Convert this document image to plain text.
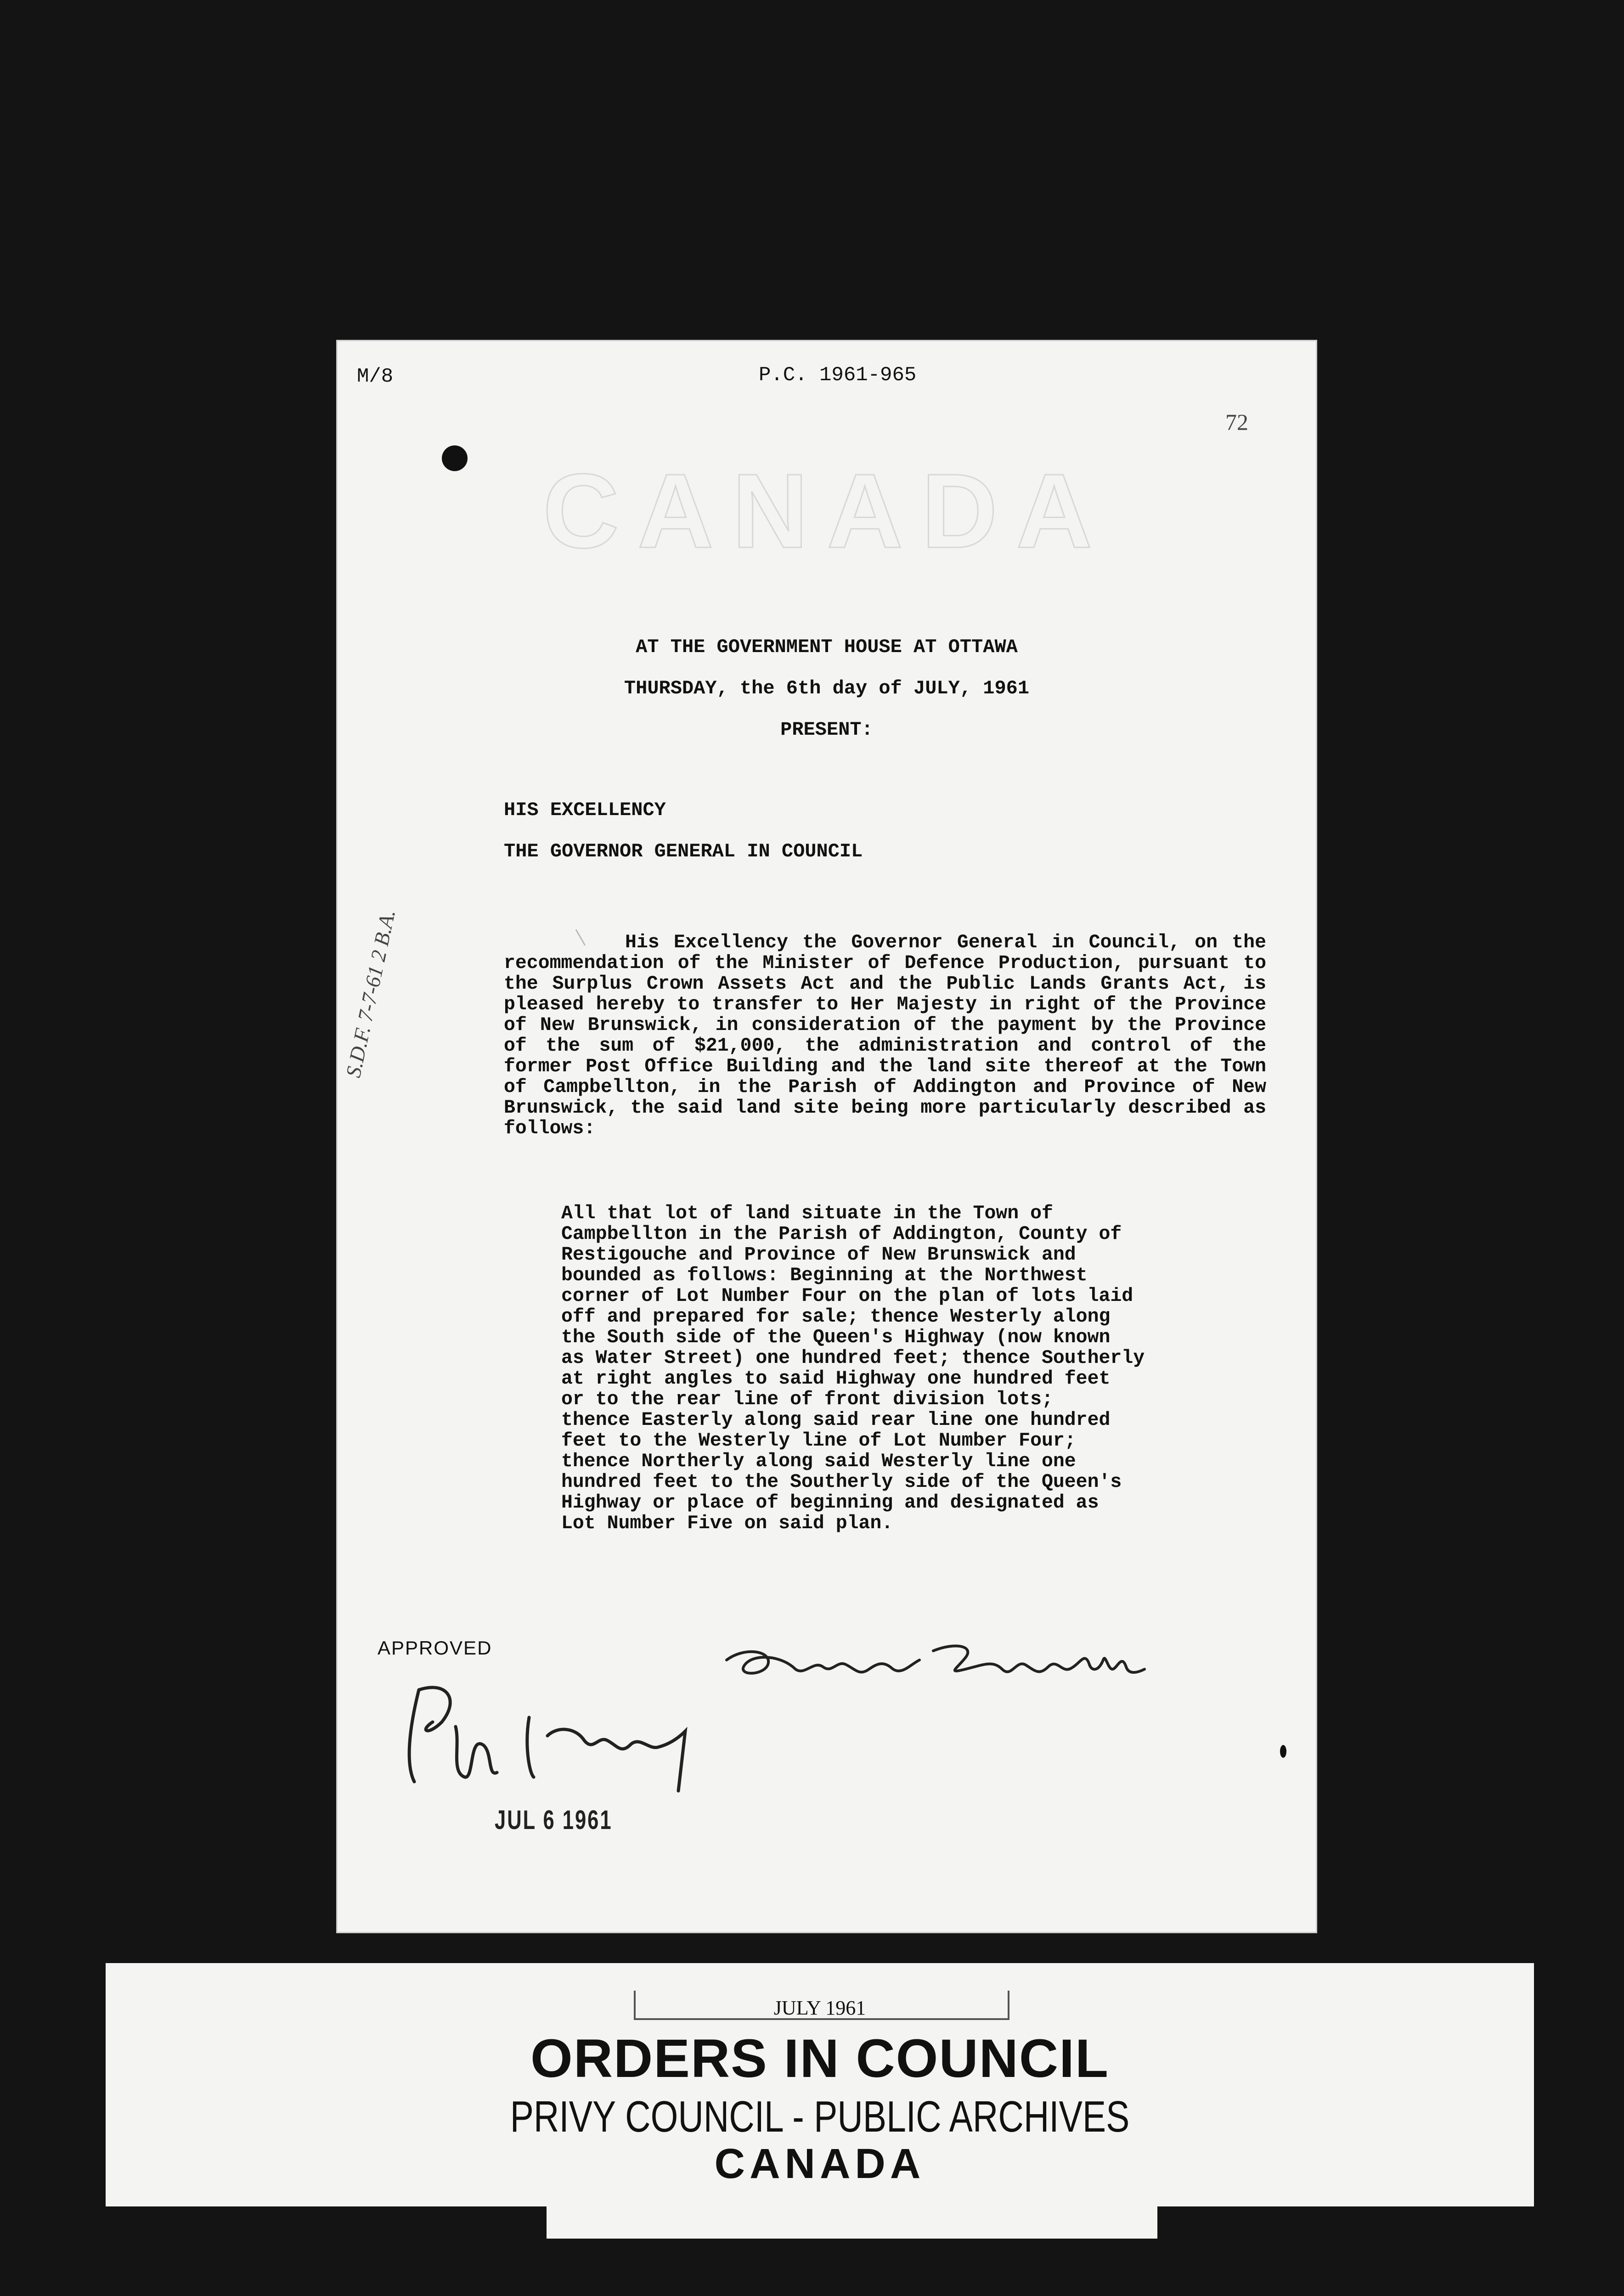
M/8	P.C. 1961-965
72
CANADA
AT THE GOVERNMENT HOUSE AT OTTAWA
THURSDAY, the 6th day of JULY, 1961
PRESENT:
HIS EXCELLENCY
THE GOVERNOR GENERAL IN COUNCIL
S.D.F. 7-7-61 2 B.A.	His Excellency the Governor General in Council, on the recommendation of the Minister of Defence Production, pursuant to the Surplus Crown Assets Act and the Public Lands Grants Act, is pleased hereby to transfer to Her Majesty in right of the Province of New Brunswick, in consideration of the payment by the Province of the sum of $21,000, the administration and control of the former Post Office Building and the land site thereof at the Town of Campbellton, in the Parish of Addington and Province of New Brunswick, the said land site being more particularly described as follows:

All that lot of land situate in the Town of
Campbellton in the Parish of Addington, County of
Restigouche and Province of New Brunswick and
bounded as follows: Beginning at the Northwest
corner of Lot Number Four on the plan of lots laid
off and prepared for sale; thence Westerly along
the South side of the Queen's Highway (now known
as Water Street) one hundred feet; thence Southerly
at right angles to said Highway one hundred feet
or to the rear line of front division lots;
thence Easterly along said rear line one hundred
feet to the Westerly line of Lot Number Four;
thence Northerly along said Westerly line one
hundred feet to the Southerly side of the Queen's
Highway or place of beginning and designated as
Lot Number Five on said plan.

APPROVED
JUL 6 1961
JULY 1961
ORDERS IN COUNCIL
PRIVY COUNCIL - PUBLIC ARCHIVES
CANADA
